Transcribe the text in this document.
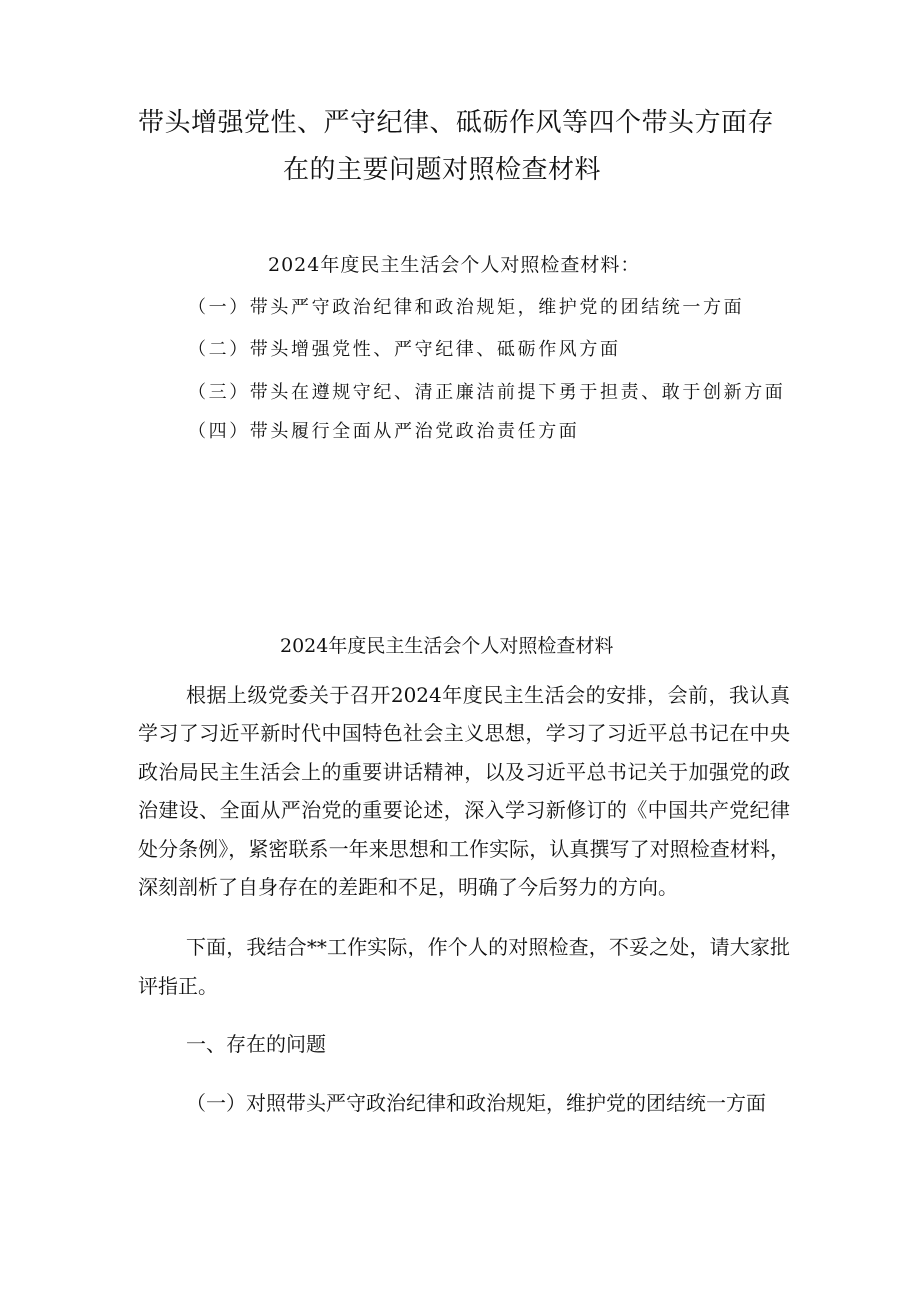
带头增强党性、严守纪律、砥砺作风等四个带头方面存
在的主要问题对照检查材料
2024年度民主生活会个人对照检查材料：

（一）带头严守政治纪律和政治规矩，维护党的团结统一方面

（二）带头增强党性、严守纪律、砥砺作风方面

（三）带头在遵规守纪、清正廉洁前提下勇于担责、敢于创新方面

（四）带头履行全面从严治党政治责任方面

2024年度民主生活会个人对照检查材料

根据上级党委关于召开2024年度民主生活会的安排，会前，我认真学习了习近平新时代中国特色社会主义思想，学习了习近平总书记在中央政治局民主生活会上的重要讲话精神，以及习近平总书记关于加强党的政治建设、全面从严治党的重要论述，深入学习新修订的《中国共产党纪律处分条例》，紧密联系一年来思想和工作实际，认真撰写了对照检查材料，深刻剖析了自身存在的差距和不足，明确了今后努力的方向。

下面，我结合**工作实际，作个人的对照检查，不妥之处，请大家批评指正。

一、存在的问题

（一）对照带头严守政治纪律和政治规矩，维护党的团结统一方面
